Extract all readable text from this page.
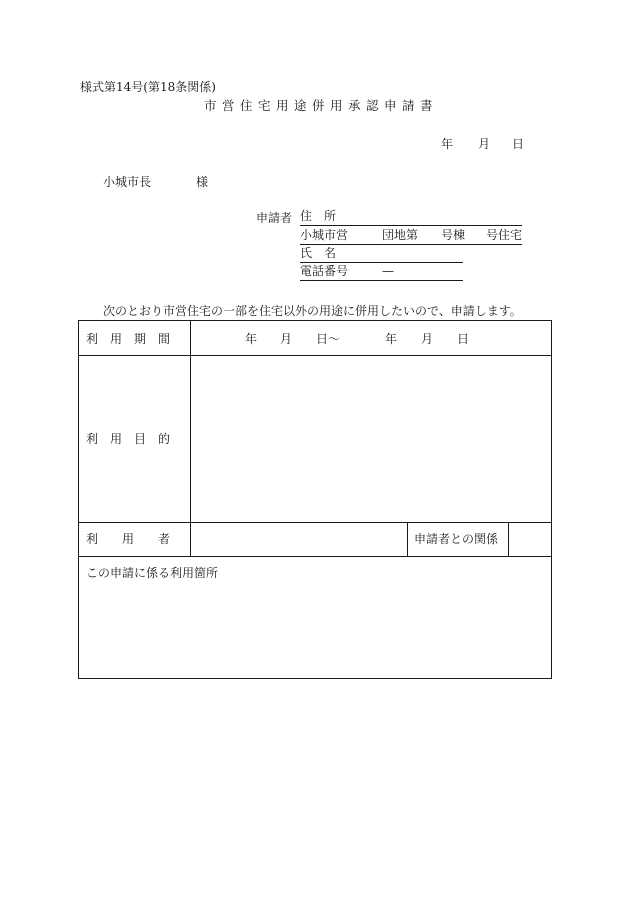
様式第14号(第18条関係)
市営住宅用途併用承認申請書
年 月 日
小城市長	様
申請者 住　所
小城市営	団地第 号棟 号住宅
氏　名
電話番号	—
次のとおり市営住宅の一部を住宅以外の用途に併用したいので、申請します。
利　用　期　間	年 月 日～	年 月 日
利　用　目　的
利　　用　　者	申請者との関係
この申請に係る利用箇所
